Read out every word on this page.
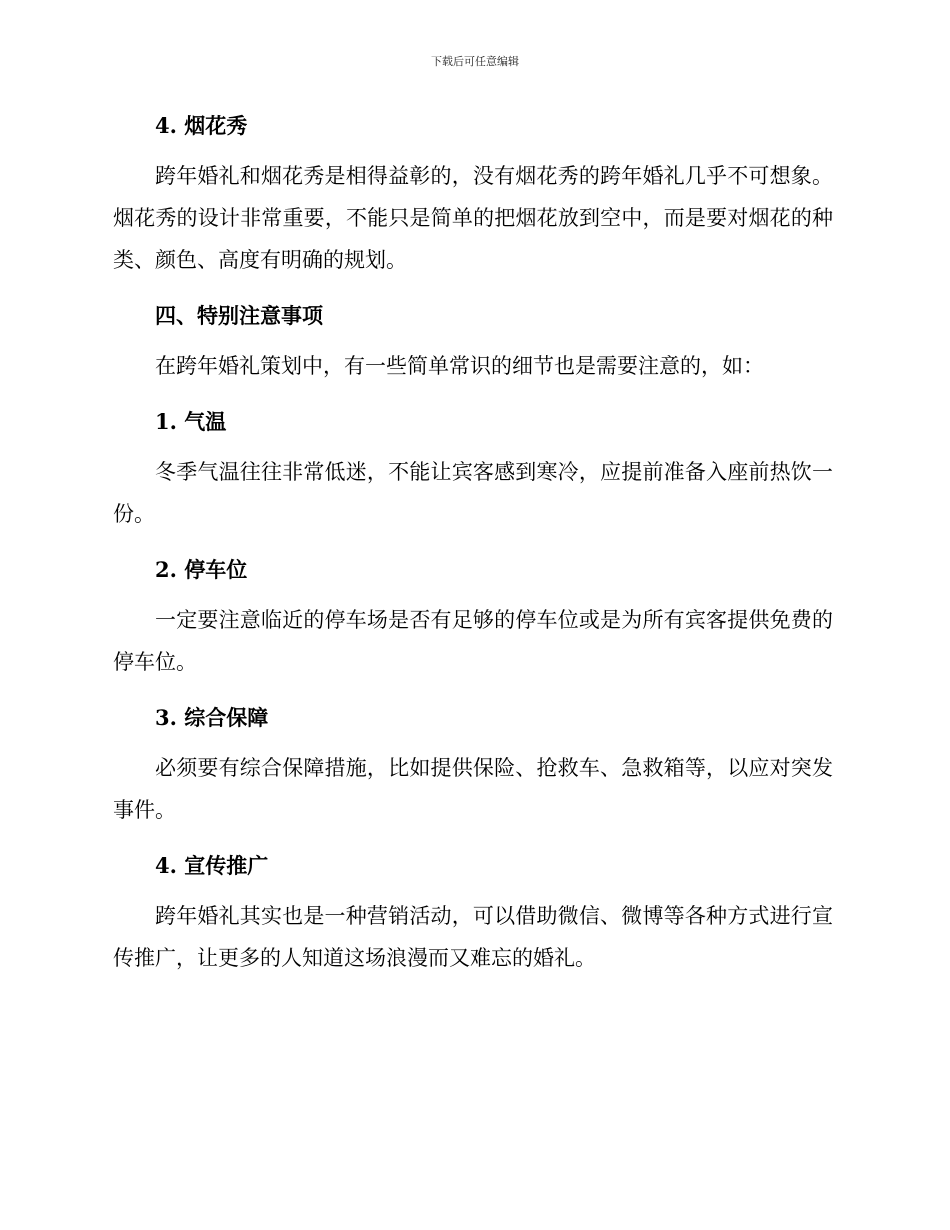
下载后可任意编辑
4. 烟花秀

跨年婚礼和烟花秀是相得益彰的，没有烟花秀的跨年婚礼几乎不可想象。烟花秀的设计非常重要，不能只是简单的把烟花放到空中，而是要对烟花的种类、颜色、高度有明确的规划。

四、特别注意事项

在跨年婚礼策划中，有一些简单常识的细节也是需要注意的，如：

1. 气温

冬季气温往往非常低迷，不能让宾客感到寒冷，应提前准备入座前热饮一份。

2. 停车位

一定要注意临近的停车场是否有足够的停车位或是为所有宾客提供免费的停车位。

3. 综合保障

必须要有综合保障措施，比如提供保险、抢救车、急救箱等，以应对突发事件。

4. 宣传推广

跨年婚礼其实也是一种营销活动，可以借助微信、微博等各种方式进行宣传推广，让更多的人知道这场浪漫而又难忘的婚礼。
